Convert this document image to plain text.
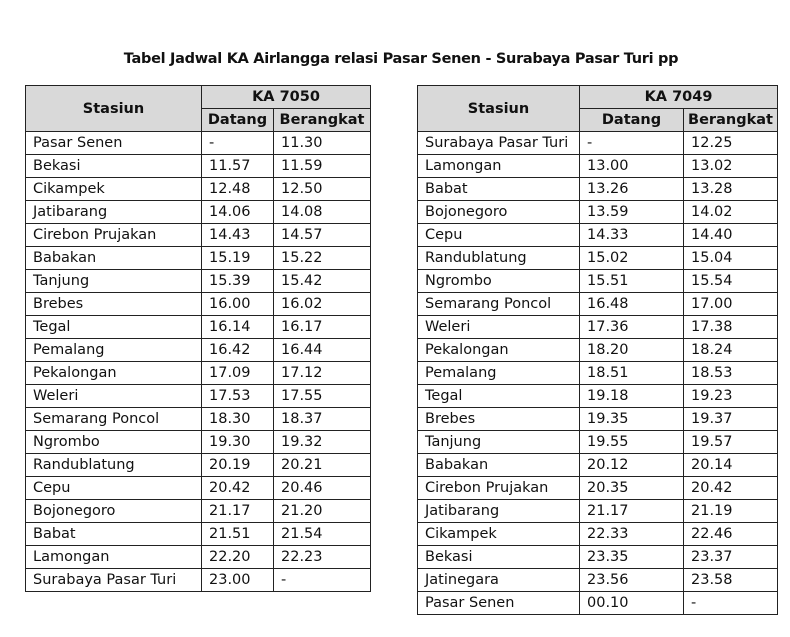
Tabel Jadwal KA Airlangga relasi Pasar Senen - Surabaya Pasar Turi pp
Stasiun	KA 7050	
	Datang	Berangkat
Pasar Senen	-	11.30
Bekasi	11.57	11.59
Cikampek	12.48	12.50
Jatibarang	14.06	14.08
Cirebon Prujakan	14.43	14.57
Babakan	15.19	15.22
Tanjung	15.39	15.42
Brebes	16.00	16.02
Tegal	16.14	16.17
Pemalang	16.42	16.44
Pekalongan	17.09	17.12
Weleri	17.53	17.55
Semarang Poncol	18.30	18.37
Ngrombo	19.30	19.32
Randublatung	20.19	20.21
Cepu	20.42	20.46
Bojonegoro	21.17	21.20
Babat	21.51	21.54
Lamongan	22.20	22.23
Surabaya Pasar Turi	23.00	-
Stasiun	KA 7049	
	Datang	Berangkat
Surabaya Pasar Turi	-	12.25
Lamongan	13.00	13.02
Babat	13.26	13.28
Bojonegoro	13.59	14.02
Cepu	14.33	14.40
Randublatung	15.02	15.04
Ngrombo	15.51	15.54
Semarang Poncol	16.48	17.00
Weleri	17.36	17.38
Pekalongan	18.20	18.24
Pemalang	18.51	18.53
Tegal	19.18	19.23
Brebes	19.35	19.37
Tanjung	19.55	19.57
Babakan	20.12	20.14
Cirebon Prujakan	20.35	20.42
Jatibarang	21.17	21.19
Cikampek	22.33	22.46
Bekasi	23.35	23.37
Jatinegara	23.56	23.58
Pasar Senen	00.10	-
